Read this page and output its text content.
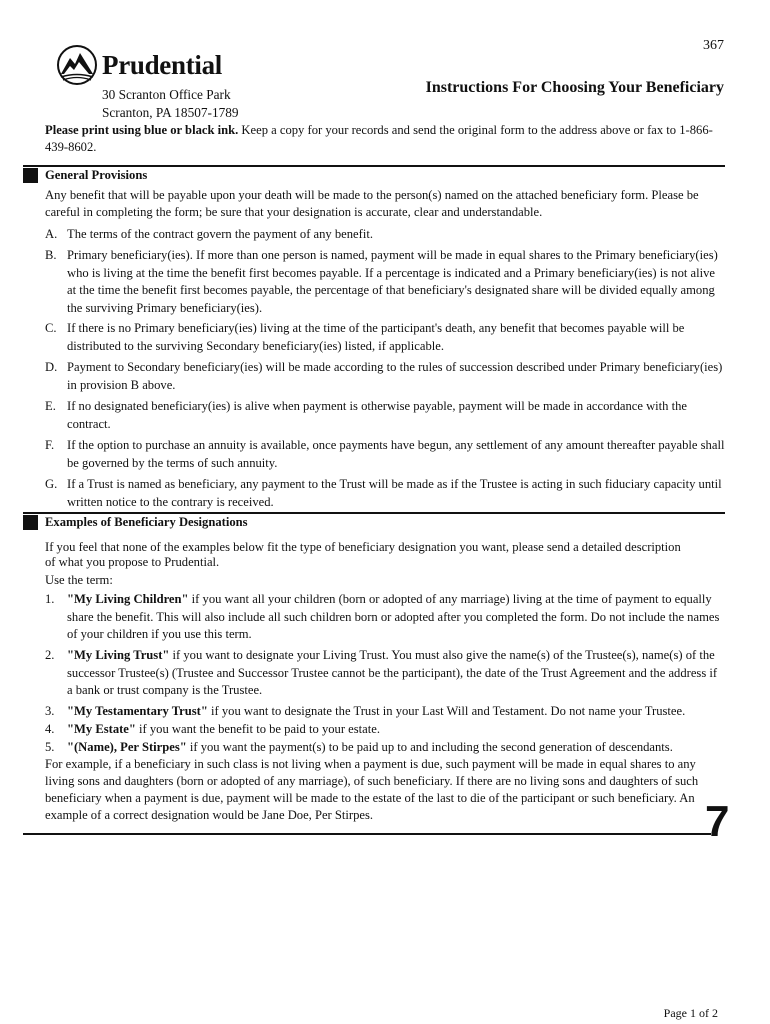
367
Prudential
Instructions For Choosing Your Beneficiary
30 Scranton Office Park
Scranton, PA 18507-1789
Please print using blue or black ink. Keep a copy for your records and send the original form to the address above or fax to 1-866-439-8602.
General Provisions
Any benefit that will be payable upon your death will be made to the person(s) named on the attached beneficiary form. Please be careful in completing the form; be sure that your designation is accurate, clear and understandable.
A. The terms of the contract govern the payment of any benefit.
B. Primary beneficiary(ies). If more than one person is named, payment will be made in equal shares to the Primary beneficiary(ies) who is living at the time the benefit first becomes payable. If a percentage is indicated and a Primary beneficiary(ies) is not alive at the time the benefit first becomes payable, the percentage of that beneficiary's designated share will be divided equally among the surviving Primary beneficiary(ies).
C. If there is no Primary beneficiary(ies) living at the time of the participant's death, any benefit that becomes payable will be distributed to the surviving Secondary beneficiary(ies) listed, if applicable.
D. Payment to Secondary beneficiary(ies) will be made according to the rules of succession described under Primary beneficiary(ies) in provision B above.
E. If no designated beneficiary(ies) is alive when payment is otherwise payable, payment will be made in accordance with the contract.
F.	If the option to purchase an annuity is available, once payments have begun, any settlement of any amount thereafter payable shall be governed by the terms of such annuity.
G. If a Trust is named as beneficiary, any payment to the Trust will be made as if the Trustee is acting in such fiduciary capacity until written notice to the contrary is received.
Examples of Beneficiary Designations
If you feel that none of the examples below fit the type of beneficiary designation you want, please send a detailed description of what you propose to Prudential.
Use the term:
1. "My Living Children" if you want all your children (born or adopted of any marriage) living at the time of payment to equally share the benefit. This will also include all such children born or adopted after you completed the form. Do not include the names of your children if you use this term.
2. "My Living Trust" if you want to designate your Living Trust. You must also give the name(s) of the Trustee(s), name(s) of the successor Trustee(s) (Trustee and Successor Trustee cannot be the participant), the date of the Trust Agreement and the address if a bank or trust company is the Trustee.
3. "My Testamentary Trust" if you want to designate the Trust in your Last Will and Testament. Do not name your Trustee.
4. "My Estate" if you want the benefit to be paid to your estate.
5. "(Name), Per Stirpes" if you want the payment(s) to be paid up to and including the second generation of descendants.
For example, if a beneficiary in such class is not living when a payment is due, such payment will be made in equal shares to any living sons and daughters (born or adopted of any marriage), of such beneficiary. If there are no living sons and daughters of such beneficiary when a payment is due, payment will be made to the estate of the last to die of the participant or such beneficiary. An example of a correct designation would be Jane Doe, Per Stirpes.	7
Page 1 of 2
